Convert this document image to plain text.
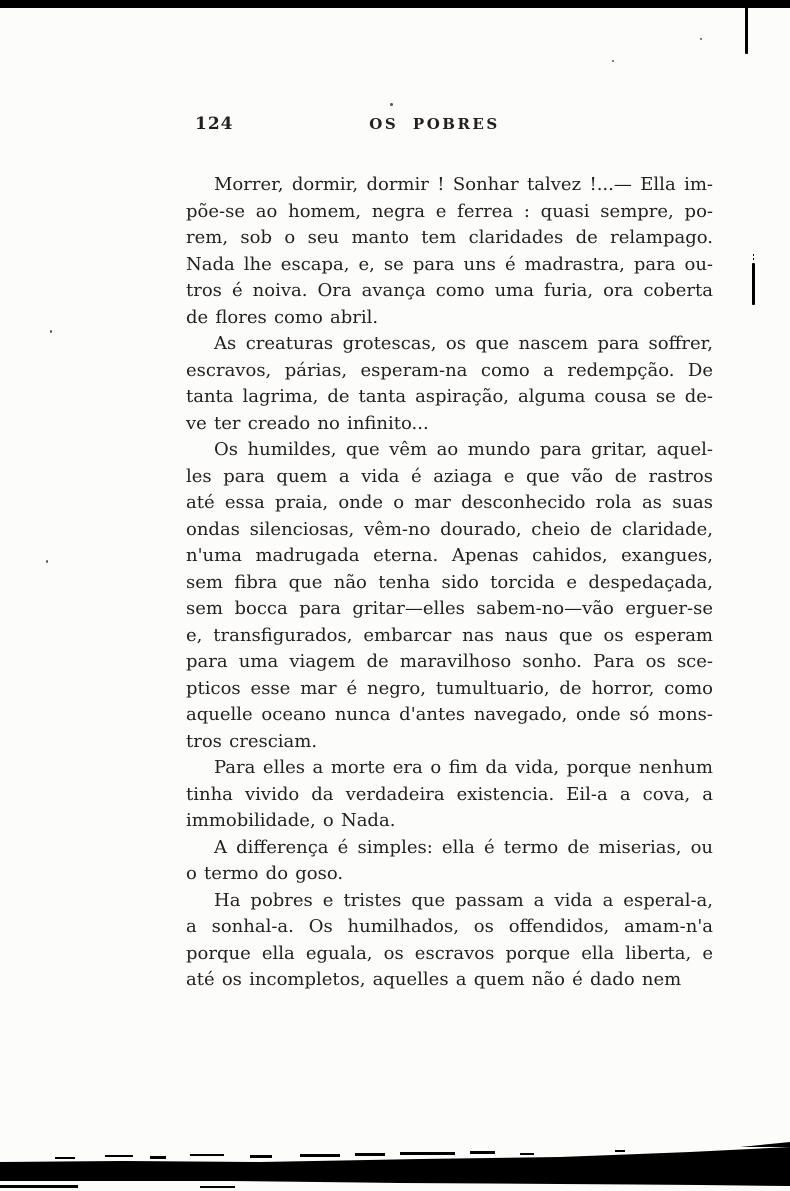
124	OS POBRES
Morrer, dormir, dormir ! Sonhar talvez !...— Ella im-
põe-se ao homem, negra e ferrea : quasi sempre, po-
rem, sob o seu manto tem claridades de relampago.
Nada lhe escapa, e, se para uns é madrastra, para ou-
tros é noiva. Ora avança como uma furia, ora coberta
de flores como abril.
As creaturas grotescas, os que nascem para soffrer,
escravos, párias, esperam-na como a redempção. De
tanta lagrima, de tanta aspiração, alguma cousa se de-
ve ter creado no infinito...
Os humildes, que vêm ao mundo para gritar, aquel-
les para quem a vida é aziaga e que vão de rastros
até essa praia, onde o mar desconhecido rola as suas
ondas silenciosas, vêm-no dourado, cheio de claridade,
n'uma madrugada eterna. Apenas cahidos, exangues,
sem fibra que não tenha sido torcida e despedaçada,
sem bocca para gritar—elles sabem-no—vão erguer-se
e, transfigurados, embarcar nas naus que os esperam
para uma viagem de maravilhoso sonho. Para os sce-
pticos esse mar é negro, tumultuario, de horror, como
aquelle oceano nunca d'antes navegado, onde só mons-
tros cresciam.
Para elles a morte era o fim da vida, porque nenhum
tinha vivido da verdadeira existencia. Eil-a a cova, a
immobilidade, o Nada.
A differença é simples: ella é termo de miserias, ou
o termo do goso.
Ha pobres e tristes que passam a vida a esperal-a,
a sonhal-a. Os humilhados, os offendidos, amam-n'a
porque ella eguala, os escravos porque ella liberta, e
até os incompletos, aquelles a quem não é dado nem
